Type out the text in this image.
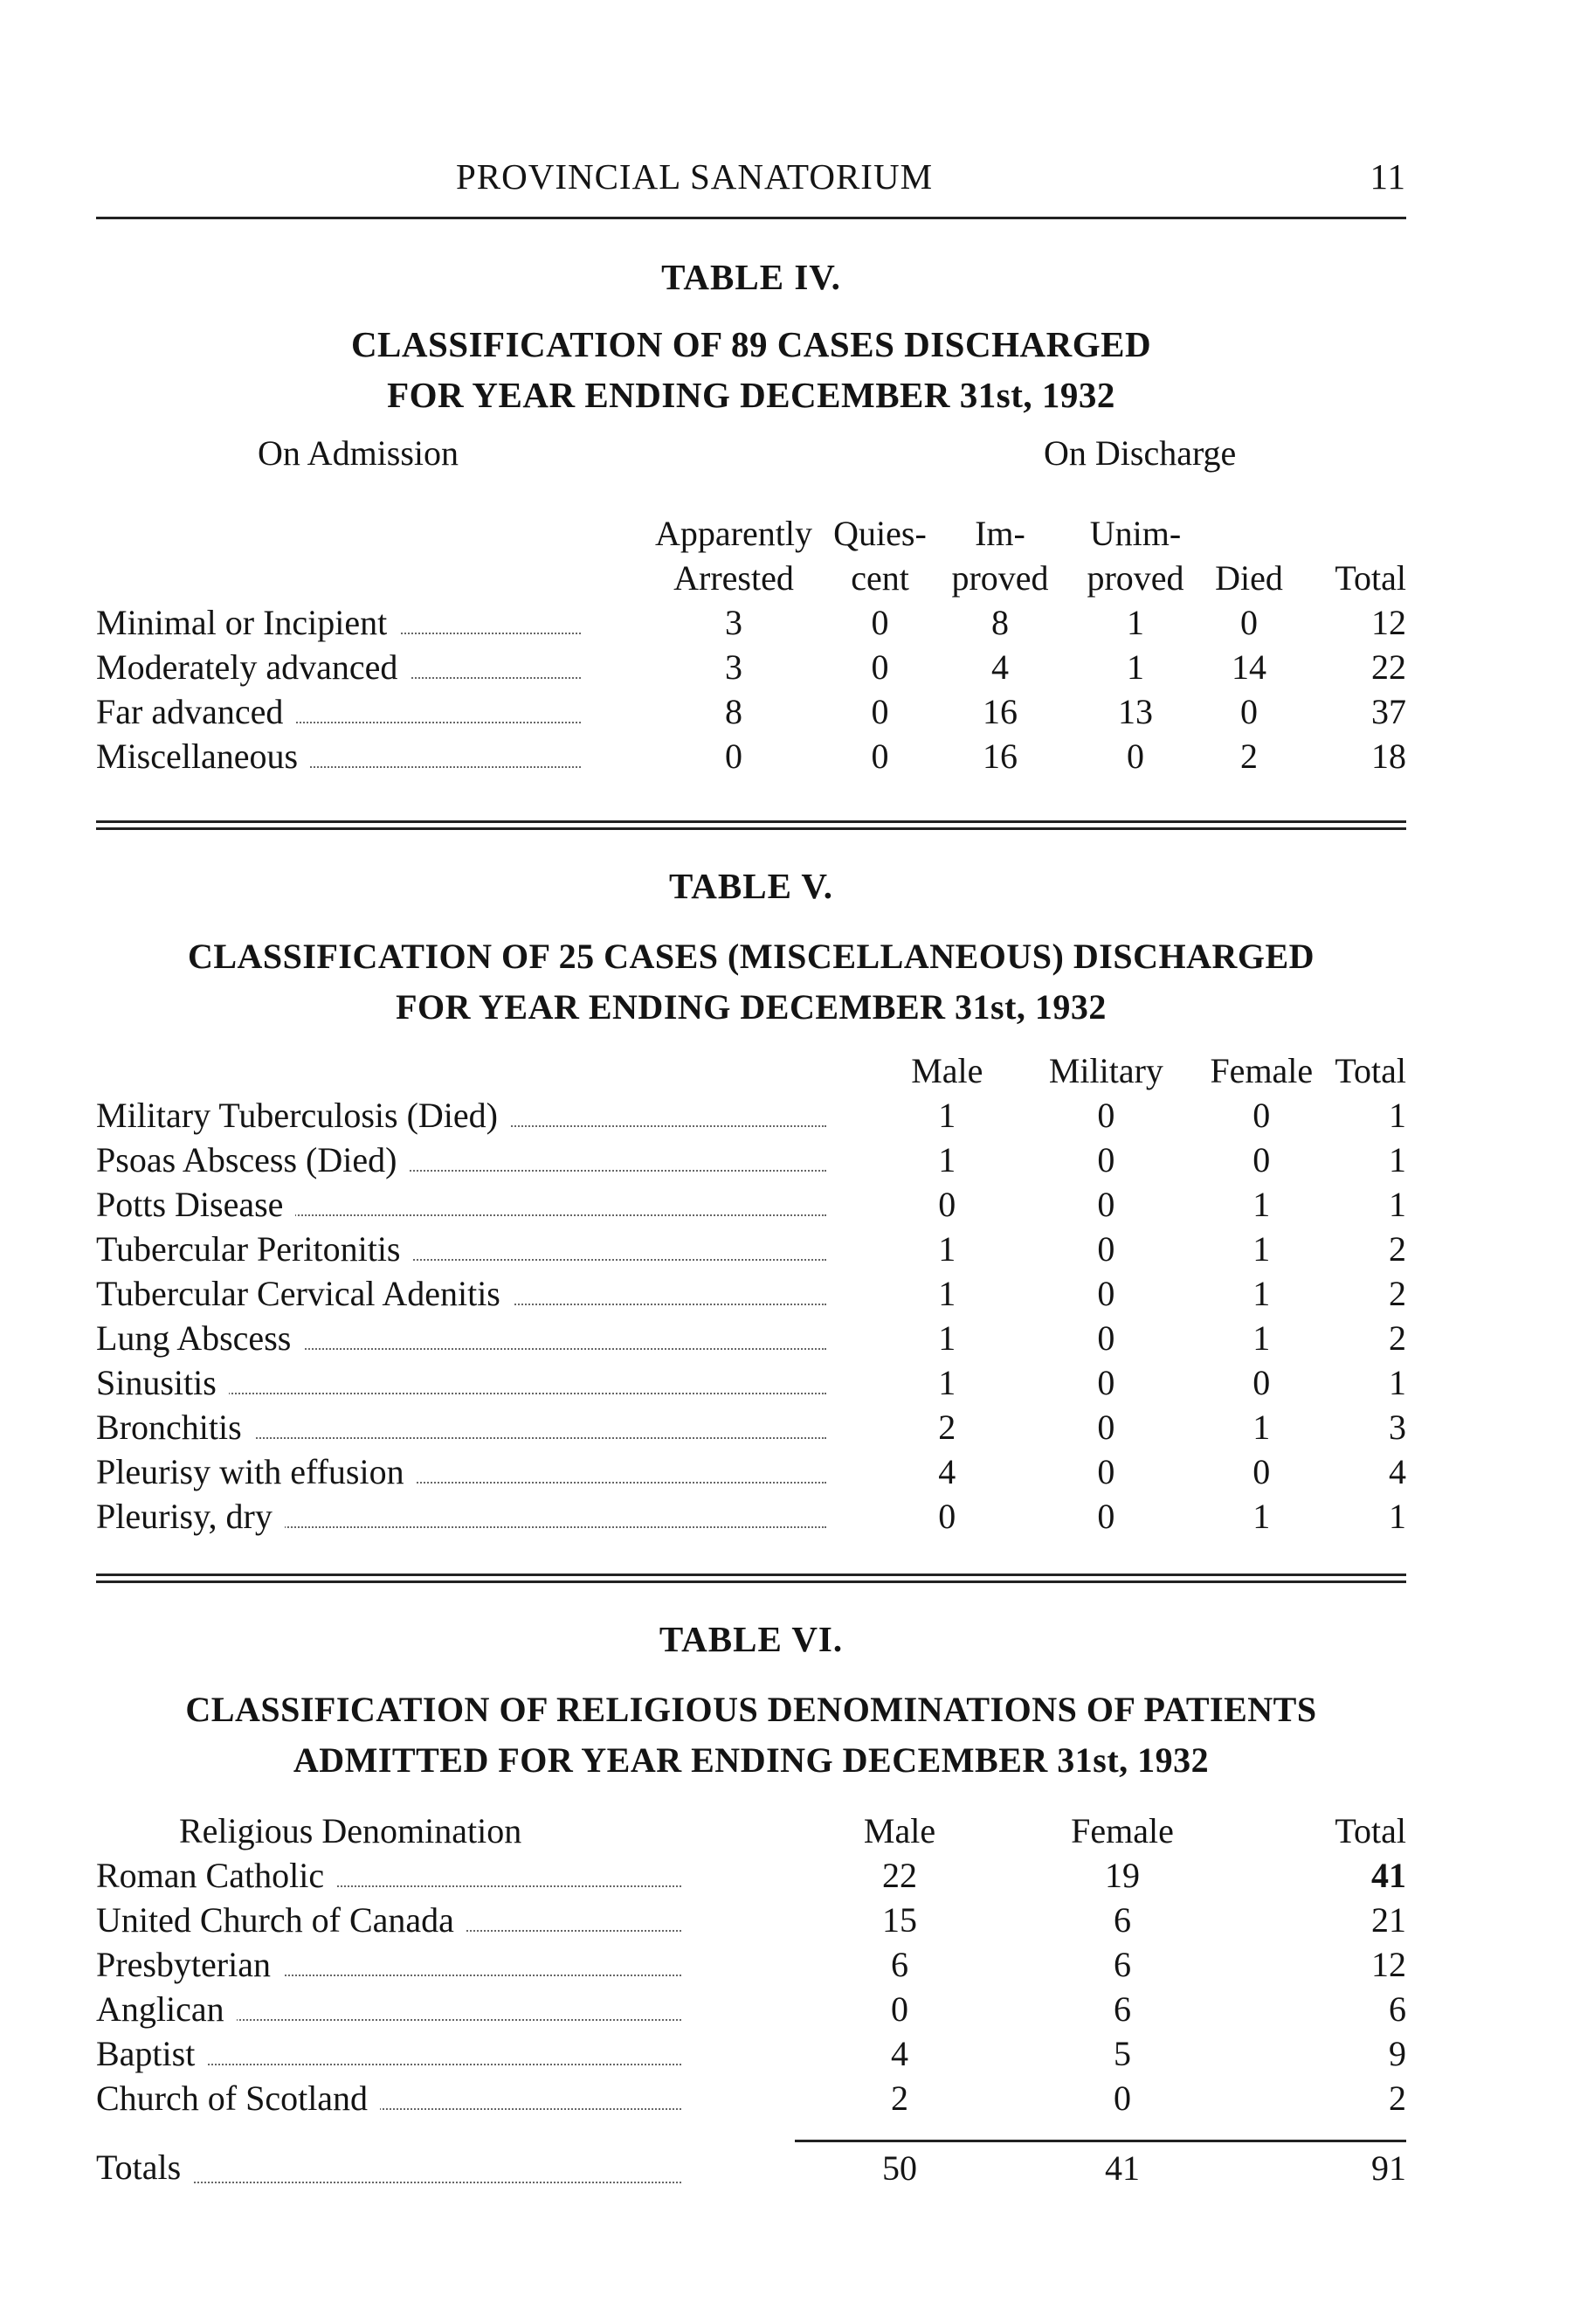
PROVINCIAL SANATORIUM	11
TABLE IV.
CLASSIFICATION OF 89 CASES DISCHARGED
FOR YEAR ENDING DECEMBER 31st, 1932
On Admission	On Discharge
	Apparently	Quies-	Im-	Unim-		
	Arrested	cent	proved	proved	Died	Total
Minimal or Incipient	3	0	8	1	0	12
Moderately advanced	3	0	4	1	14	22
Far advanced	8	0	16	13	0	37
Miscellaneous	0	0	16	0	2	18
TABLE V.
CLASSIFICATION OF 25 CASES (MISCELLANEOUS) DISCHARGED
FOR YEAR ENDING DECEMBER 31st, 1932
	Male	Military	Female	Total
Military Tuberculosis (Died)	1	0	0	1
Psoas Abscess (Died)	1	0	0	1
Potts Disease	0	0	1	1
Tubercular Peritonitis	1	0	1	2
Tubercular Cervical Adenitis	1	0	1	2
Lung Abscess	1	0	1	2
Sinusitis	1	0	0	1
Bronchitis	2	0	1	3
Pleurisy with effusion	4	0	0	4
Pleurisy, dry	0	0	1	1
TABLE VI.
CLASSIFICATION OF RELIGIOUS DENOMINATIONS OF PATIENTS
ADMITTED FOR YEAR ENDING DECEMBER 31st, 1932
Religious Denomination	Male	Female	Total
Roman Catholic	22	19	41
United Church of Canada	15	6	21
Presbyterian	6	6	12
Anglican	0	6	6
Baptist	4	5	9
Church of Scotland	2	0	2

Totals	50	41	91
